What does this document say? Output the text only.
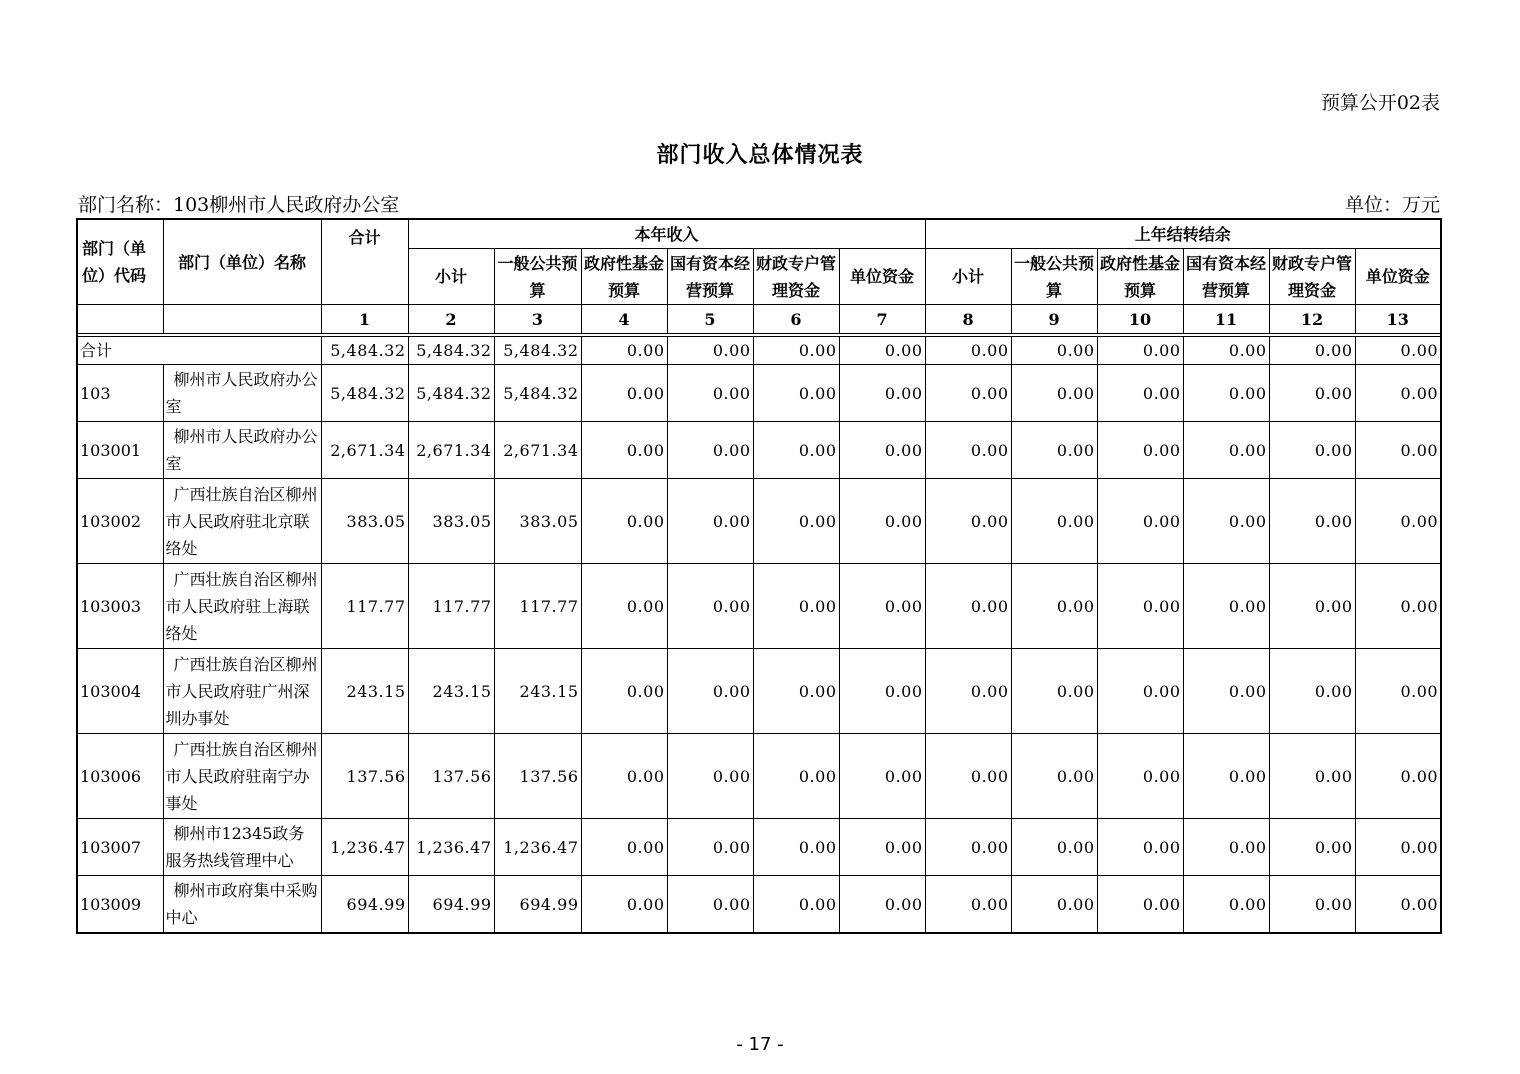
预算公开02表
部门收入总体情况表
部门名称：103柳州市人民政府办公室	单位：万元
部门（单位）代码	部门（单位）名称	合计	本年收入						上年结转结余					
			小计	一般公共预算	政府性基金预算	国有资本经营预算	财政专户管理资金	单位资金	小计	一般公共预算	政府性基金预算	国有资本经营预算	财政专户管理资金	单位资金
		1	2	3	4	5	6	7	8	9	10	11	12	13

合计		5,484.32	5,484.32	5,484.32	0.00	0.00	0.00	0.00	0.00	0.00	0.00	0.00	0.00	0.00
103	柳州市人民政府办公室	5,484.32	5,484.32	5,484.32	0.00	0.00	0.00	0.00	0.00	0.00	0.00	0.00	0.00	0.00
103001	柳州市人民政府办公室	2,671.34	2,671.34	2,671.34	0.00	0.00	0.00	0.00	0.00	0.00	0.00	0.00	0.00	0.00
103002	广西壮族自治区柳州市人民政府驻北京联络处	383.05	383.05	383.05	0.00	0.00	0.00	0.00	0.00	0.00	0.00	0.00	0.00	0.00
103003	广西壮族自治区柳州市人民政府驻上海联络处	117.77	117.77	117.77	0.00	0.00	0.00	0.00	0.00	0.00	0.00	0.00	0.00	0.00
103004	广西壮族自治区柳州市人民政府驻广州深圳办事处	243.15	243.15	243.15	0.00	0.00	0.00	0.00	0.00	0.00	0.00	0.00	0.00	0.00
103006	广西壮族自治区柳州市人民政府驻南宁办事处	137.56	137.56	137.56	0.00	0.00	0.00	0.00	0.00	0.00	0.00	0.00	0.00	0.00
103007	柳州市12345政务服务热线管理中心	1,236.47	1,236.47	1,236.47	0.00	0.00	0.00	0.00	0.00	0.00	0.00	0.00	0.00	0.00
103009	柳州市政府集中采购中心	694.99	694.99	694.99	0.00	0.00	0.00	0.00	0.00	0.00	0.00	0.00	0.00	0.00
- 17 -
